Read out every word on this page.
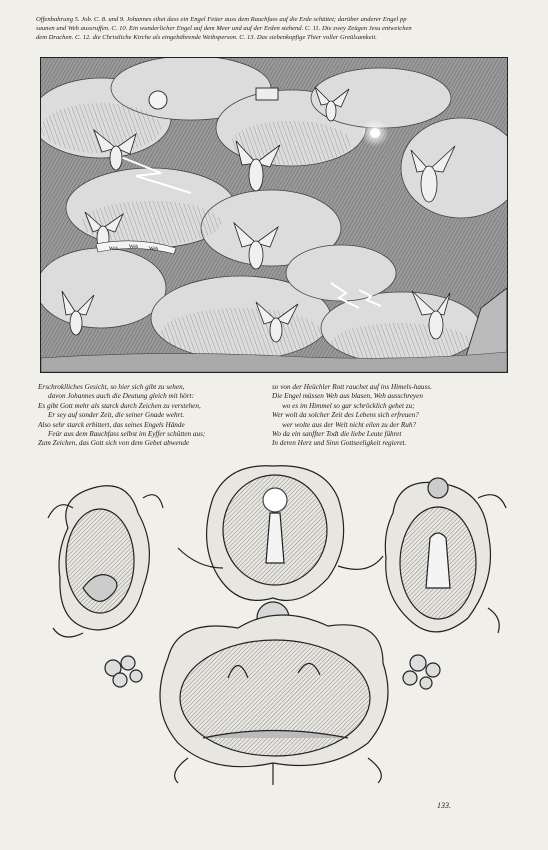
Offenbahrung 5. Job. C. 8. und 9. Johannes sihet dass ein Engel Feüer auss dem Rauchfass auf die Erde schüttet; darüber anderer Engel pp
saunen und Weh aussruffen. C. 10. Ein wunderlicher Engel auf dem Meer und auf der Erden stehend. C. 11. Die zwey Zeügen Jesu entweichen
dem Drachen. C. 12. die Christliche Kirche als eingebährende Weibsperson. C. 13. Das siebenkopfige Thier voller Greülsamkeit.
Weh Weh Weh
Erschroklliches Gesicht, so hier sich gibt zu sehen,
davon Johannes auch die Deutung gleich mit hört:
Es gibt Gott mehr als starck durch Zeichen zu verstehen,
Er sey auf sonder Zeit, die seiner Gnade wehrt.
Also sehr starck erbittert, das seines Engels Hände
Feür aus dem Rauchfass selbst im Eyffer schütten aus;
Zum Zeichen, das Gott sich von dem Gebet abwende
so von der Heüchler Rott rauchet auf ins Himels-hauss.
Die Engel müssen Weh aus blasen, Weh ausschreyen
wo es im Himmel so gar schröcklich gehet zu;
Wer wolt da solcher Zeit des Lebens sich erfreuen?
wer wolte aus der Welt nicht eilen zu der Ruh?
Wo da ein sanffter Todt die liebe Leute führet
In deren Herz und Sinn Gottseeligkeit regieret.
133.
